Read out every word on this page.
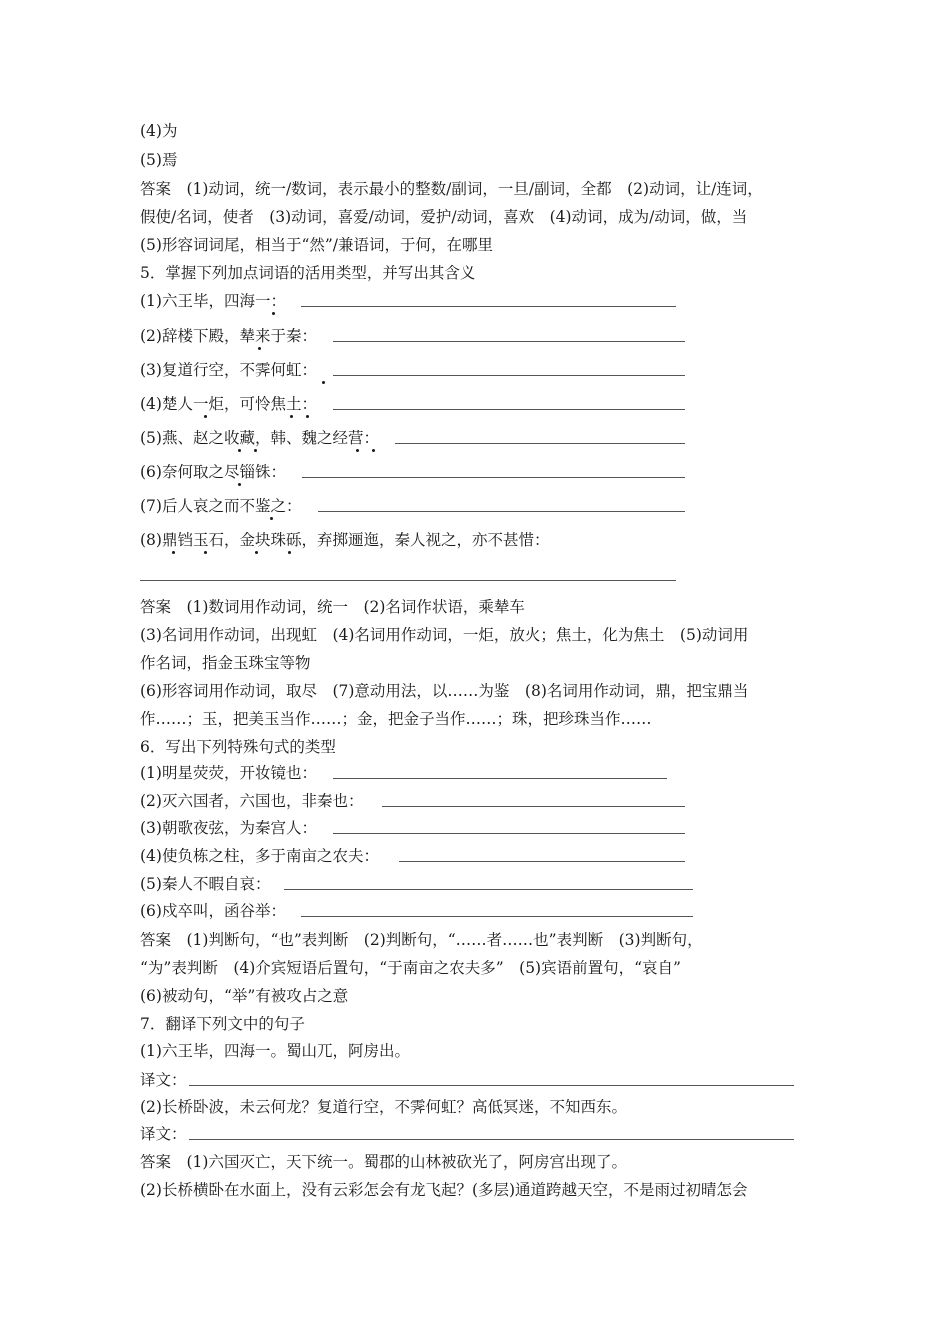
(4)为
(5)焉
答案　(1)动词，统一/数词，表示最小的整数/副词，一旦/副词，全都　(2)动词，让/连词，
假使/名词，使者　(3)动词，喜爱/动词，爱护/动词，喜欢　(4)动词，成为/动词，做，当
(5)形容词词尾，相当于“然”/兼语词，于何，在哪里
5．掌握下列加点词语的活用类型，并写出其含义
(1)六王毕，四海一：
(2)辞楼下殿，辇来于秦：
(3)复道行空，不霁何虹：
(4)楚人一炬，可怜焦土：
(5)燕、赵之收藏，韩、魏之经营：
(6)奈何取之尽锱铢：
(7)后人哀之而不鉴之：
(8)鼎铛玉石，金块珠砾，弃掷逦迤，秦人视之，亦不甚惜：
答案　(1)数词用作动词，统一　(2)名词作状语，乘辇车
(3)名词用作动词，出现虹　(4)名词用作动词，一炬，放火；焦土，化为焦土　(5)动词用
作名词，指金玉珠宝等物
(6)形容词用作动词，取尽　(7)意动用法，以……为鉴　(8)名词用作动词，鼎，把宝鼎当
作……；玉，把美玉当作……；金，把金子当作……；珠，把珍珠当作……
6．写出下列特殊句式的类型
(1)明星荧荧，开妆镜也：
(2)灭六国者，六国也，非秦也：
(3)朝歌夜弦，为秦宫人：
(4)使负栋之柱，多于南亩之农夫：
(5)秦人不暇自哀：
(6)戍卒叫，函谷举：
答案　(1)判断句，“也”表判断　(2)判断句，“……者……也”表判断　(3)判断句，
“为”表判断　(4)介宾短语后置句，“于南亩之农夫多”　(5)宾语前置句，“哀自”
(6)被动句，“举”有被攻占之意
7．翻译下列文中的句子
(1)六王毕，四海一。蜀山兀，阿房出。
译文：
(2)长桥卧波，未云何龙？复道行空，不霁何虹？高低冥迷，不知西东。
译文：
答案　(1)六国灭亡，天下统一。蜀郡的山林被砍光了，阿房宫出现了。
(2)长桥横卧在水面上，没有云彩怎会有龙飞起？(多层)通道跨越天空，不是雨过初晴怎会
